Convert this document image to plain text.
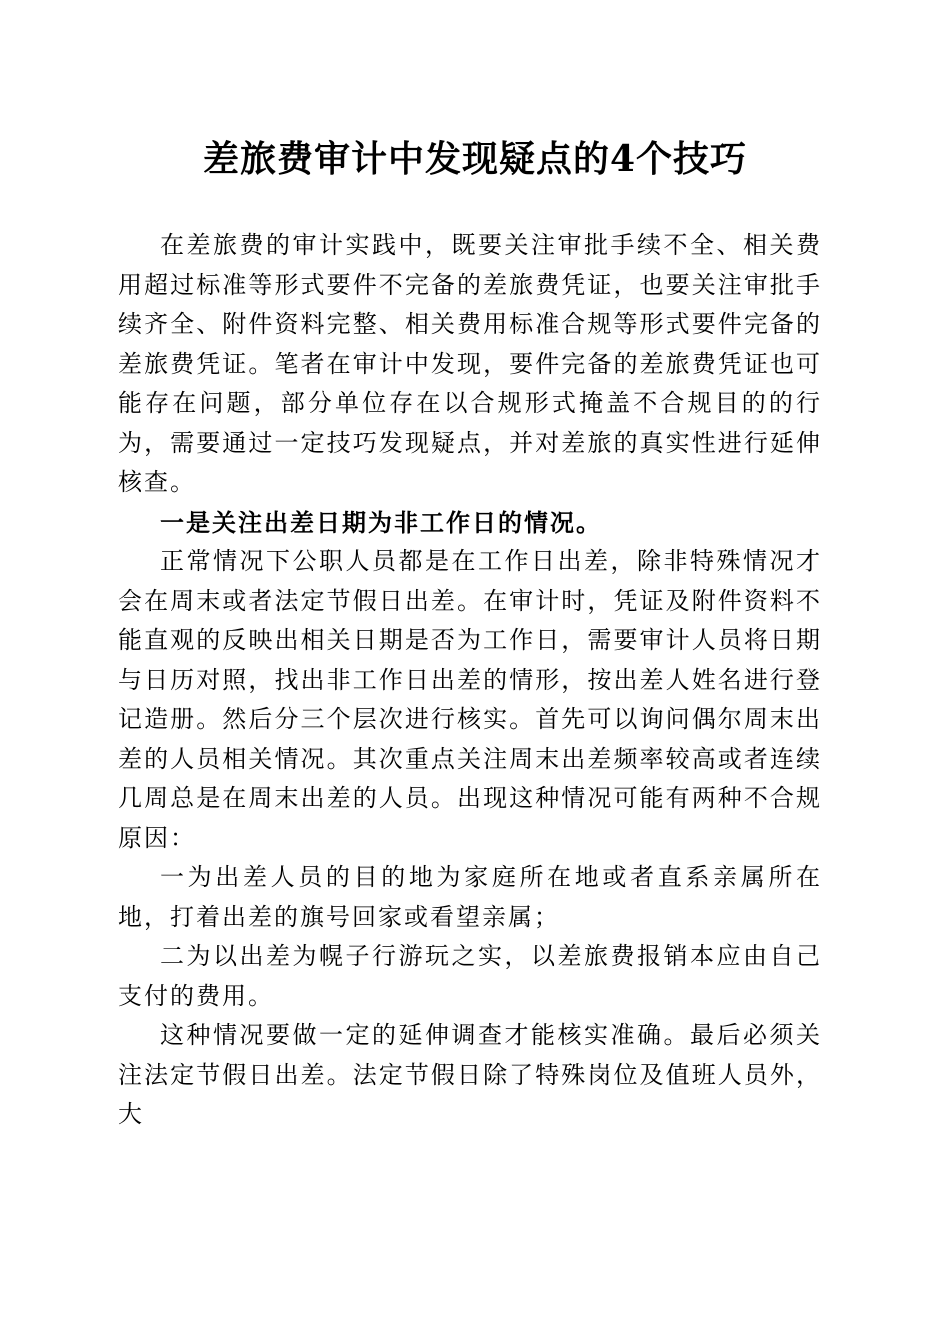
差旅费审计中发现疑点的4个技巧

在差旅费的审计实践中，既要关注审批手续不全、相关费用超过标准等形式要件不完备的差旅费凭证，也要关注审批手续齐全、附件资料完整、相关费用标准合规等形式要件完备的差旅费凭证。笔者在审计中发现，要件完备的差旅费凭证也可能存在问题，部分单位存在以合规形式掩盖不合规目的的行为，需要通过一定技巧发现疑点，并对差旅的真实性进行延伸核查。

一是关注出差日期为非工作日的情况。

正常情况下公职人员都是在工作日出差，除非特殊情况才会在周末或者法定节假日出差。在审计时，凭证及附件资料不能直观的反映出相关日期是否为工作日，需要审计人员将日期与日历对照，找出非工作日出差的情形，按出差人姓名进行登记造册。然后分三个层次进行核实。首先可以询问偶尔周末出差的人员相关情况。其次重点关注周末出差频率较高或者连续几周总是在周末出差的人员。出现这种情况可能有两种不合规原因：

一为出差人员的目的地为家庭所在地或者直系亲属所在地，打着出差的旗号回家或看望亲属；

二为以出差为幌子行游玩之实，以差旅费报销本应由自己支付的费用。

这种情况要做一定的延伸调查才能核实准确。最后必须关注法定节假日出差。法定节假日除了特殊岗位及值班人员外，大
